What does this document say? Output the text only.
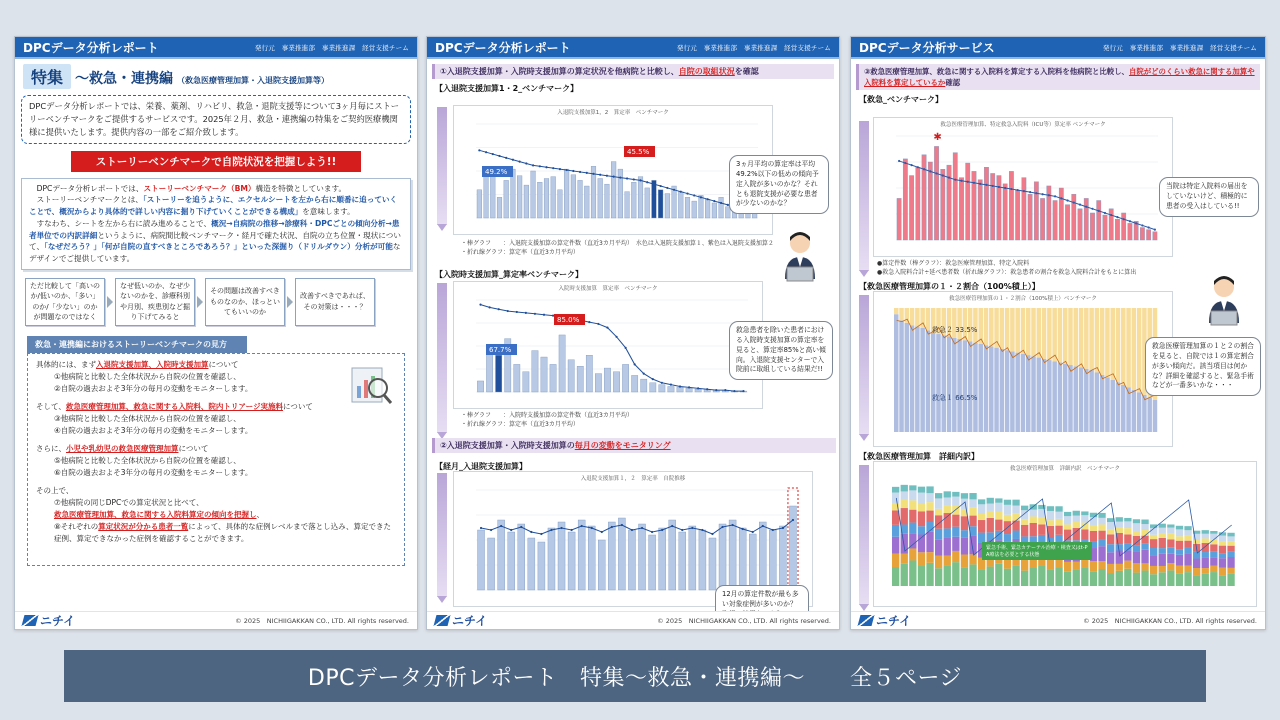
DPCデータ分析レポート	発行元　事業推進部　事業推進課　経営支援チーム
特集 ～救急・連携編 （救急医療管理加算・入退院支援加算等）
DPCデータ分析レポートでは、栄養、薬剤、リハビリ、救急・退院支援等について3ヶ月毎にストーリーベンチマークをご提供するサービスです。2025年２月、救急・連携編の特集をご契約医療機関様に提供いたします。提供内容の一部をご紹介致します。
ストーリーベンチマークで自院状況を把握しよう!!
DPCデータ分析レポートでは、ストーリーベンチマーク（BM）構造を特徴としています。
ストーリーベンチマークとは、「ストーリーを追うように、エクセルシートを左から右に順番に追っていくことで、概況からより具体的で詳しい内容に掘り下げていくことができる構成」を意味します。
すなわち、シートを左から右に読み進めることで、概況→自病院の推移→診療科・DPCごとの傾向分析→患者単位での内訳詳細というように、病院間比較ベンチマーク・経月で確た状況、自院の立ち位置・現状について、「なぜだろう？」「何が自院の直すべきところであろう？」といった深掘り（ドリルダウン）分析が可能なデザインでご提供しています。
ただ比較して「高いのか/低いのか、「多い」のか/「少ない」のかが問題なのではなく
なぜ低いのか、なぜ少ないのかを、診療科別や月別、疾患別など掘り下げてみると
その問題は改善すべきものなのか、ほっといてもいいのか
改善すべきであれば、その対策は・・・？
救急・連携編におけるストーリーベンチマークの見方
具体的には、まず入退院支援加算、入院時支援加算について
①他病院と比較した全体状況から自院の位置を確認し、
②自院の過去およそ3年分の毎月の変動をモニターします。
そして、救急医療管理加算、救急に関する入院料、院内トリアージ実施料について
③他病院と比較した全体状況から自院の位置を確認し、
④自院の過去およそ3年分の毎月の変動をモニターします。
さらに、小児や乳幼児の救急医療管理加算について
⑤他病院と比較した全体状況から自院の位置を確認し、
⑥自院の過去およそ3年分の毎月の変動をモニターします。
その上で、
⑦他病院の同じDPCでの算定状況と比べて、
救急医療管理加算、救急に関する入院料算定の傾向を把握し、
⑧それぞれの算定状況が分かる患者一覧によって、具体的な症例レベルまで落とし込み、算定できた症例、算定できなかった症例を確認することができます。
ニチイ	© 2025　NICHIIGAKKAN CO., LTD. All rights reserved.
DPCデータ分析レポート	発行元　事業推進部　事業推進課　経営支援チーム
①入退院支援加算・入院時支援加算の算定状況を他病院と比較し、自院の取組状況を確認
【入退院支援加算1・2_ベンチマーク】
入退院支援加算1，2　算定率　ベンチマーク
49.2%
45.5%
3ヵ月平均の算定率は平均49.2%以下の低めの傾向予定入院が多いのかな？それとも退院支援が必要な患者が少ないのかな？
・棒グラフ　　：入退院支援加算の算定件数（直近3カ月平均）　水色は入退院支援加算１、紫色は入退院支援加算２
・折れ線グラフ：算定率（直近3カ月平均）
【入院時支援加算_算定率ベンチマーク】
入院時支援加算　算定率　ベンチマーク
67.7%
85.0%
救急患者を除いた患者における入院時支援加算の算定率を見ると、算定率85%と高い傾向。入退院支援センターで入院前に取組している結果だ!!
・棒グラフ　　：入院時支援加算の算定件数（直近3カ月平均）
・折れ線グラフ：算定率（直近3カ月平均）
②入退院支援加算・入院時支援加算の毎月の変動をモニタリング
【経月_入退院支援加算】
入退院支援加算１，２　算定率　自院推移
12月の算定件数が最も多い対象症例が多いのか？
ニチイ	© 2025　NICHIIGAKKAN CO., LTD. All rights reserved.
DPCデータ分析サービス	発行元　事業推進部　事業推進課　経営支援チーム
③救急医療管理加算、救急に関する入院料を算定する入院料を他病院と比較し、自院がどのくらい救急に関する加算や入院料を算定しているか確認
【救急_ベンチマーク】
救急医療管理加算、特定救急入院料（ICU等）算定率 ベンチマーク
✱
当院は特定入院料の届出をしていないけど、積極的に患者の受入はしている!!
●算定件数（棒グラフ）：救急医療管理加算、特定入院料
●救急入院料合計÷延べ患者数（折れ線グラフ）：救急患者の割合を救急入院料合計をもとに算出
【救急医療管理加算の１・２割合（100%積上）】
救急医療管理加算の１・２割合（100%積上）ベンチマーク
救急２ 33.5%
救急１ 66.5%
救急医療管理加算の１と２の割合を見ると、自院では１の算定割合が多い傾向だ。該当項目は何かな？詳細を確認すると、緊急手術などが一番多いかな・・・
【救急医療管理加算　詳細内訳】
救急医療管理加算　詳細内訳　ベンチマーク
緊急手術、緊急カテーテル治療・検査又はt-P
A療法を必要とする状態
ニチイ	© 2025　NICHIIGAKKAN CO., LTD. All rights reserved.
DPCデータ分析レポート　特集～救急・連携編～　　全５ページ
